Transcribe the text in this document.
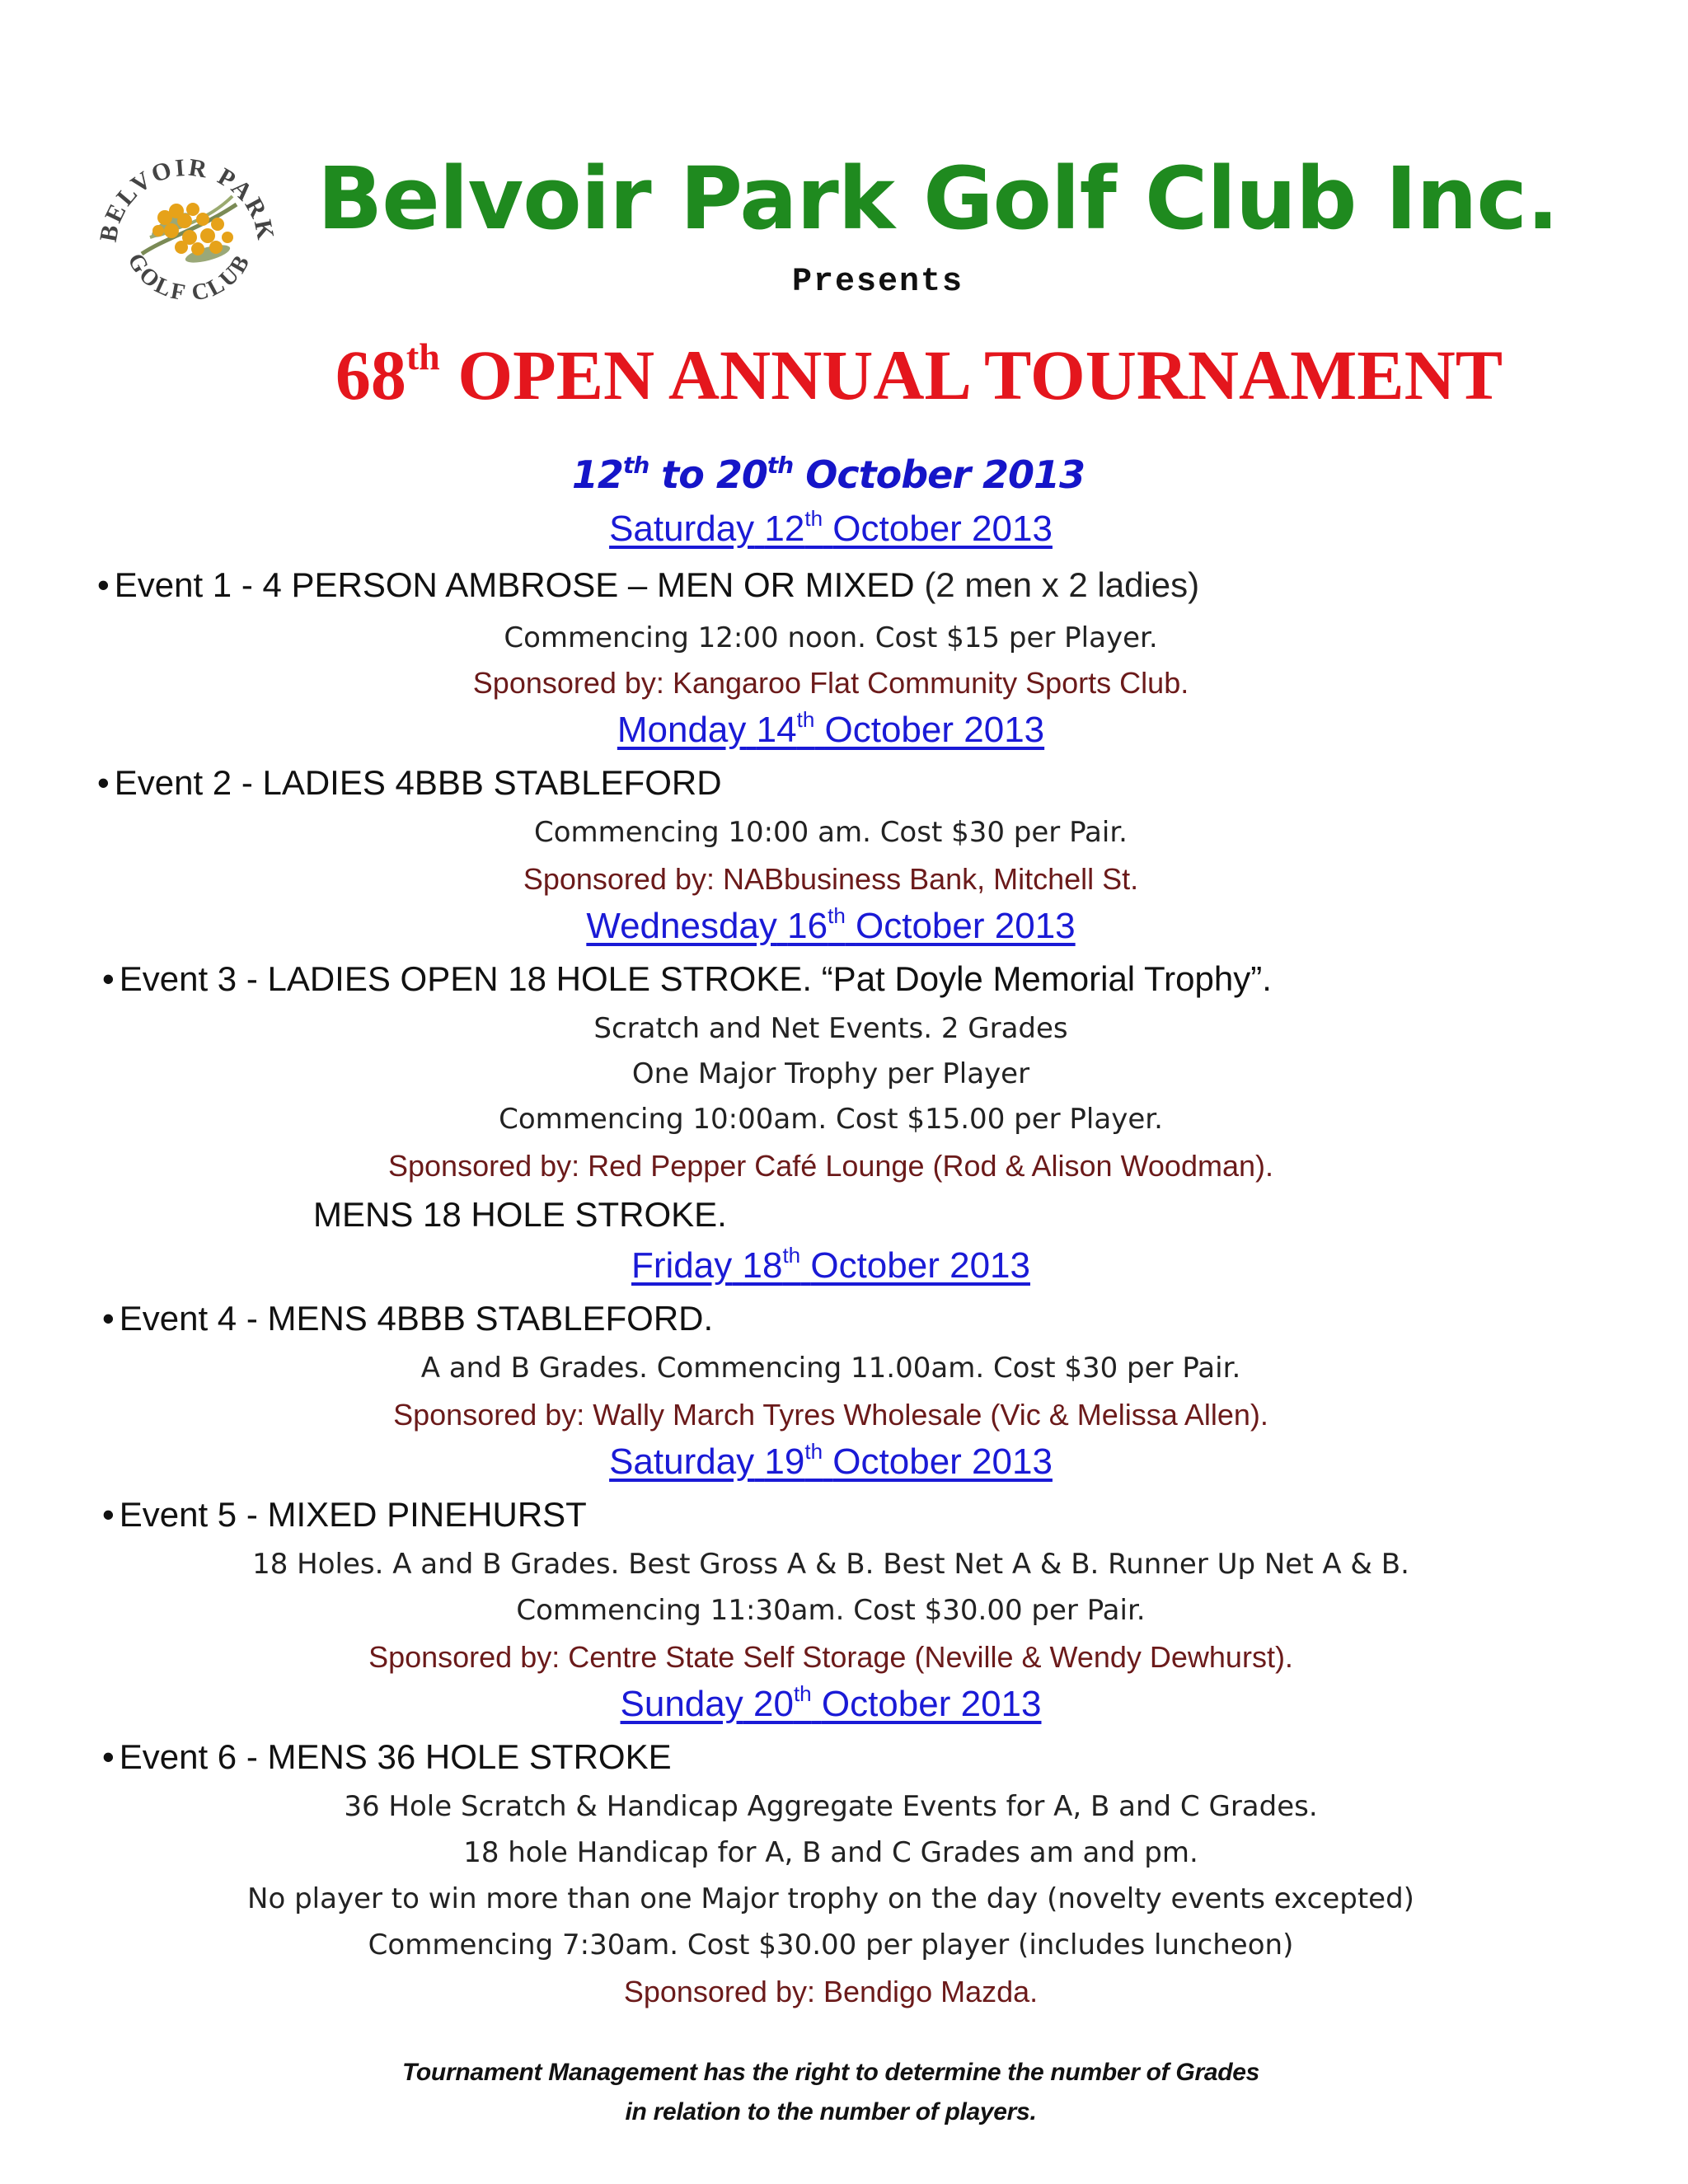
BELVOIR PARK
GOLF CLUB
Belvoir Park Golf Club Inc.
Presents
68th OPEN ANNUAL TOURNAMENT
12th to 20th October 2013
Saturday 12th October 2013
• Event 1 - 4 PERSON AMBROSE – MEN OR MIXED (2 men x 2 ladies)
Commencing 12:00 noon. Cost $15 per Player.
Sponsored by: Kangaroo Flat Community Sports Club.
Monday 14th October 2013
• Event 2 - LADIES 4BBB STABLEFORD
Commencing 10:00 am. Cost $30 per Pair.
Sponsored by: NABbusiness Bank, Mitchell St.
Wednesday 16th October 2013
• Event 3 - LADIES OPEN 18 HOLE STROKE. “Pat Doyle Memorial Trophy”.
Scratch and Net Events. 2 Grades
One Major Trophy per Player
Commencing 10:00am. Cost $15.00 per Player.
Sponsored by: Red Pepper Café Lounge (Rod & Alison Woodman).
MENS 18 HOLE STROKE.
Friday 18th October 2013
• Event 4 - MENS 4BBB STABLEFORD.
A and B Grades. Commencing 11.00am. Cost $30 per Pair.
Sponsored by: Wally March Tyres Wholesale (Vic & Melissa Allen).
Saturday 19th October 2013
• Event 5 - MIXED PINEHURST
18 Holes. A and B Grades. Best Gross A & B. Best Net A & B. Runner Up Net A & B.
Commencing 11:30am. Cost $30.00 per Pair.
Sponsored by: Centre State Self Storage (Neville & Wendy Dewhurst).
Sunday 20th October 2013
• Event 6 - MENS 36 HOLE STROKE
36 Hole Scratch & Handicap Aggregate Events for A, B and C Grades.
18 hole Handicap for A, B and C Grades am and pm.
No player to win more than one Major trophy on the day (novelty events excepted)
Commencing 7:30am. Cost $30.00 per player (includes luncheon)
Sponsored by: Bendigo Mazda.
Tournament Management has the right to determine the number of Grades
in relation to the number of players.
